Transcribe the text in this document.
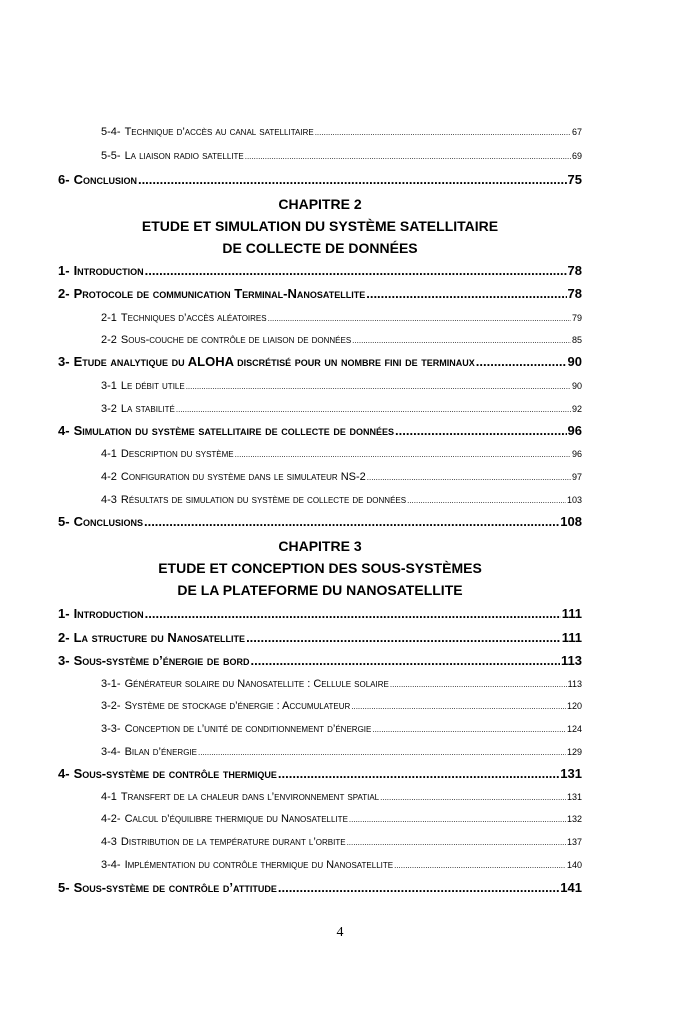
5-4- Technique d’accès au canal satellitaire .....	67
5-5- La liaison radio satellite .....	69
6- Conclusion .....	75
CHAPITRE 2
ETUDE ET SIMULATION DU SYSTÈME SATELLITAIRE
DE COLLECTE DE DONNÉES
1- Introduction .....	78
2- Protocole de communication Terminal-Nanosatellite .....	78
2-1 Techniques d’accès aléatoires .....	79
2-2 Sous-couche de contrôle de liaison de données .....	85
3- Etude analytique du ALOHA discrétisé pour un nombre fini de terminaux .....	90
3-1 Le débit utile .....	90
3-2 La stabilité .....	92
4- Simulation du système satellitaire de collecte de données .....	96
4-1 Description du système .....	96
4-2 Configuration du système dans le simulateur NS-2 .....	97
4-3 Résultats de simulation du système de collecte de données .....	103
5- Conclusions .....	108
CHAPITRE 3
ETUDE ET CONCEPTION DES SOUS-SYSTÈMES
DE LA PLATEFORME DU NANOSATELLITE
1- Introduction .....	111
2- La structure du Nanosatellite .....	111
3- Sous-système d’énergie de bord .....	113
3-1- Générateur solaire du Nanosatellite : Cellule solaire .....	113
3-2- Système de stockage d’énergie : Accumulateur .....	120
3-3- Conception de l’unité de conditionnement d’énergie .....	124
3-4- Bilan d’énergie .....	129
4- Sous-système de contrôle thermique .....	131
4-1 Transfert de la chaleur dans l’environnement spatial .....	131
4-2- Calcul d’équilibre thermique du Nanosatellite .....	132
4-3 Distribution de la température durant l’orbite .....	137
3-4- Implémentation du contrôle thermique du Nanosatellite .....	140
5- Sous-système de contrôle d’attitude .....	141
4
